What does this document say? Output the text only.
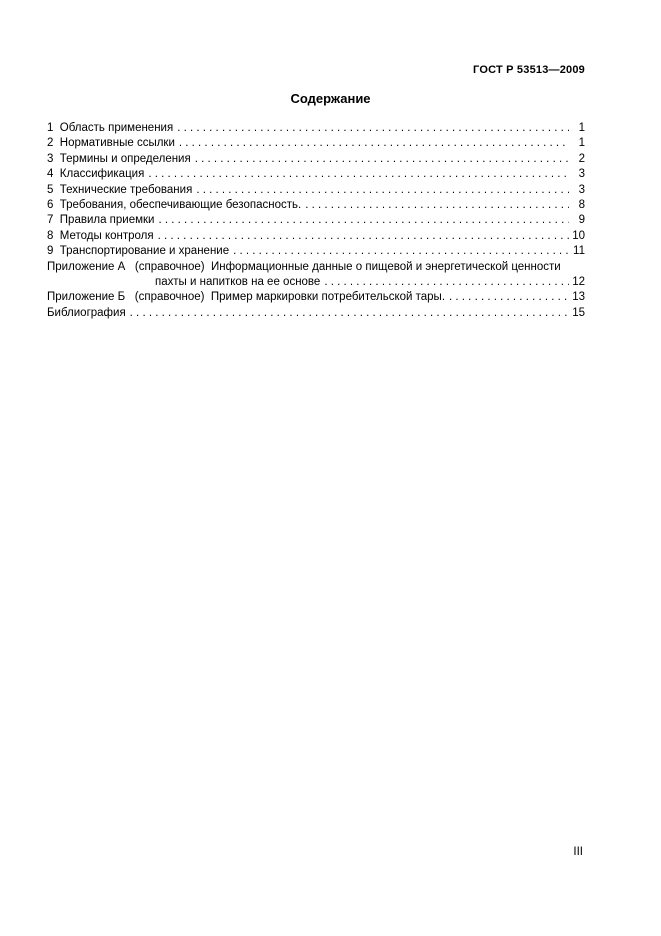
ГОСТ Р 53513—2009
Содержание
1  Область применения . .	1
2  Нормативные ссылки . .	1
3  Термины и определения . .	2
4  Классификация . .	3
5  Технические требования . .	3
6  Требования, обеспечивающие безопасность. . .	8
7  Правила приемки . .	9
8  Методы контроля . .	10
9  Транспортирование и хранение . .	11
Приложение А   (справочное)  Информационные данные о пищевой и энергетической ценности
пахты и напитков на ее основе . .	12
Приложение Б   (справочное)  Пример маркировки потребительской тары. . .	13
Библиография . .	15
III
